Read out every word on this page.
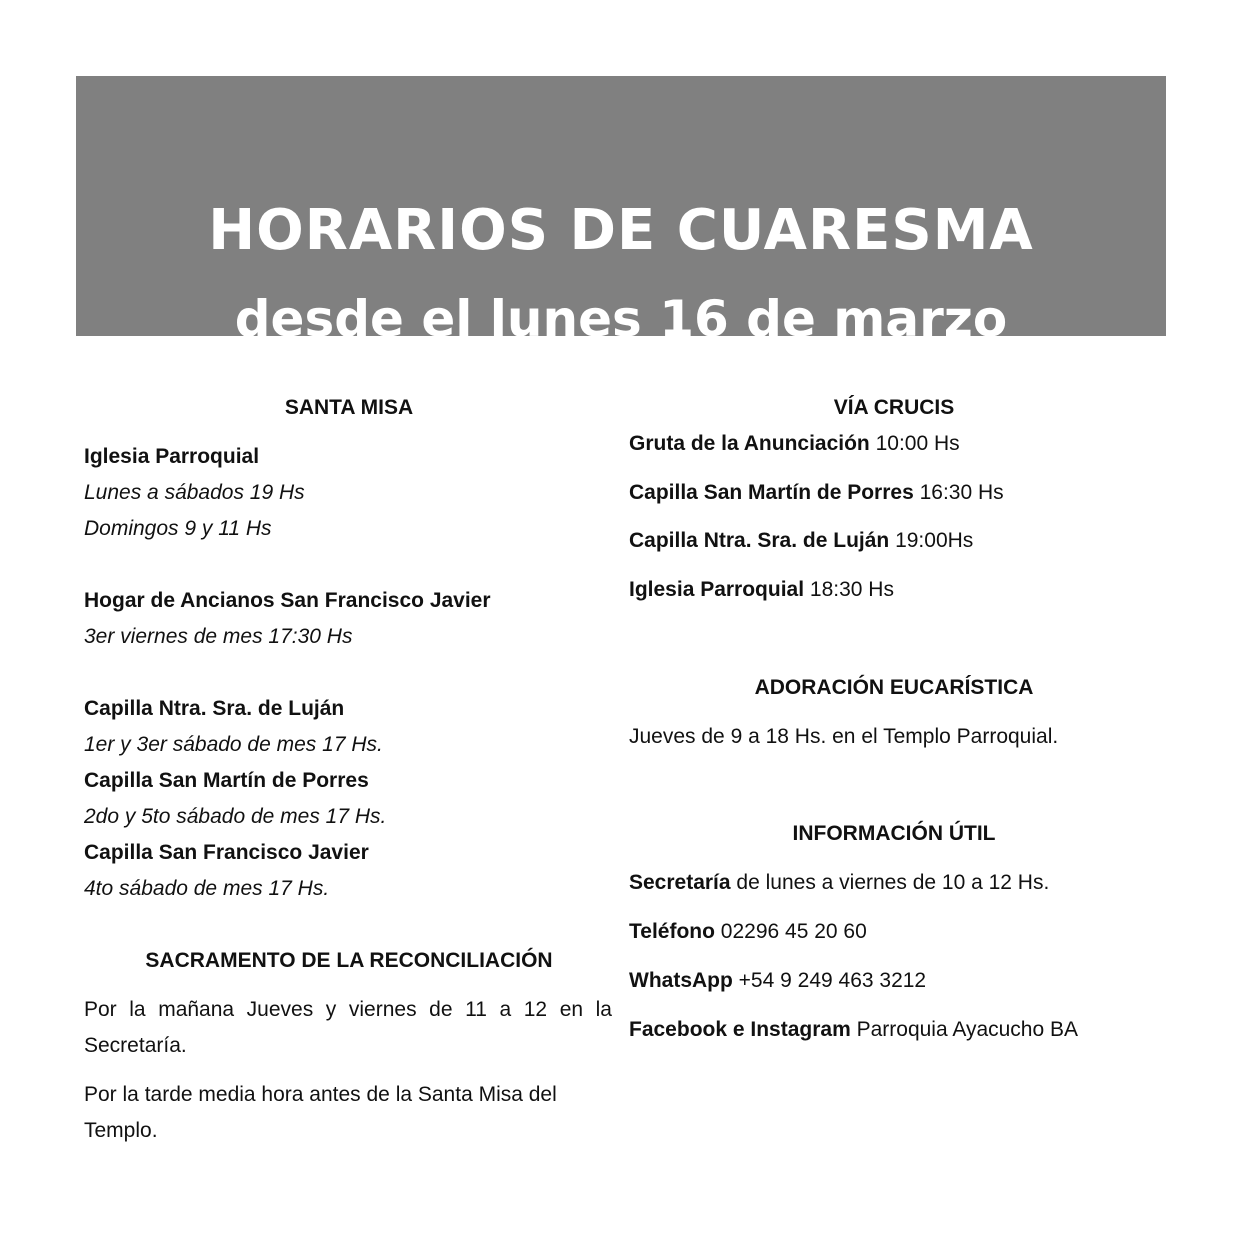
HORARIOS DE CUARESMA
desde el lunes 16 de marzo
SANTA MISA
Iglesia Parroquial
Lunes a sábados 19 Hs
Domingos 9 y 11 Hs
Hogar de Ancianos San Francisco Javier
3er viernes de mes 17:30 Hs
Capilla Ntra. Sra. de Luján
1er y 3er sábado de mes 17 Hs.
Capilla San Martín de Porres
2do y 5to sábado de mes 17 Hs.
Capilla San Francisco Javier
4to sábado de mes 17 Hs.
SACRAMENTO DE LA RECONCILIACIÓN
Por la mañana Jueves y viernes de 11 a 12 en la Secretaría.
Por la tarde media hora antes de la Santa Misa del Templo.
VÍA CRUCIS
Gruta de la Anunciación 10:00 Hs
Capilla San Martín de Porres 16:30 Hs
Capilla Ntra. Sra. de Luján 19:00Hs
Iglesia Parroquial 18:30 Hs
ADORACIÓN EUCARÍSTICA
Jueves de 9 a 18 Hs. en el Templo Parroquial.
INFORMACIÓN ÚTIL
Secretaría de lunes a viernes de 10 a 12 Hs.
Teléfono 02296 45 20 60
WhatsApp +54 9 249 463 3212
Facebook e Instagram Parroquia Ayacucho BA
